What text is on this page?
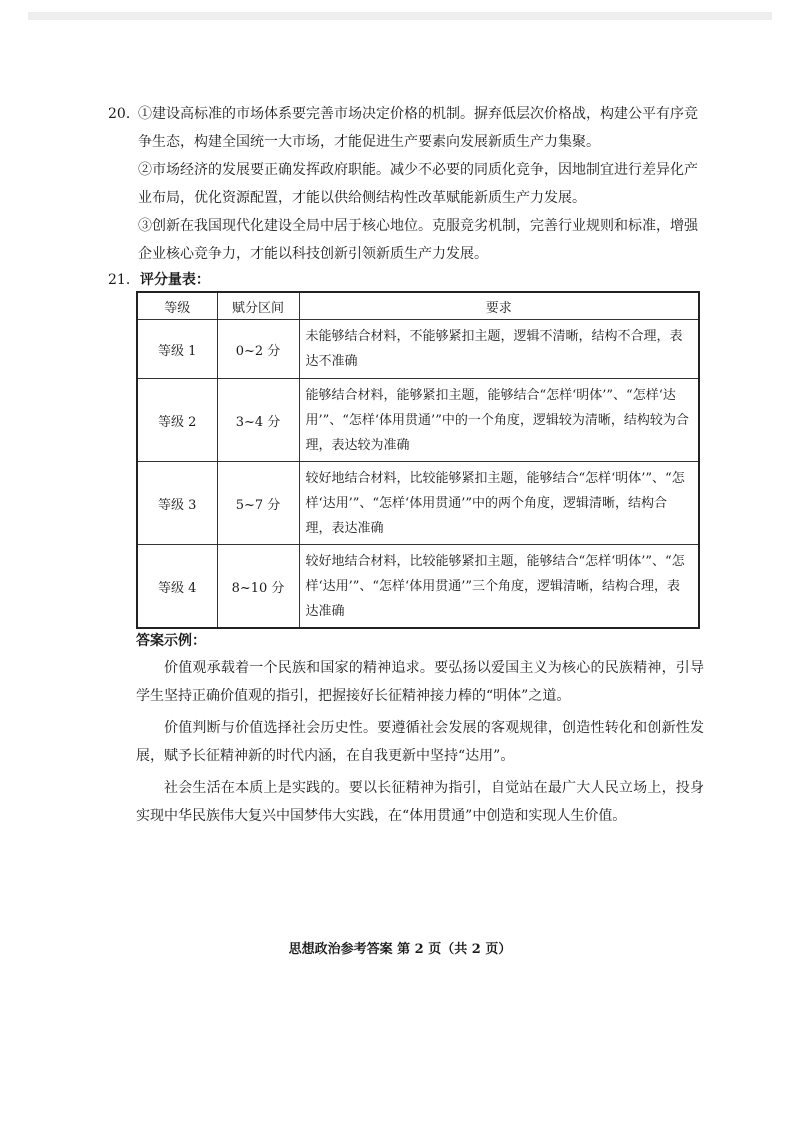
20．

①建设高标准的市场体系要完善市场决定价格的机制。摒弃低层次价格战，构建公平有序竞争生态，构建全国统一大市场，才能促进生产要素向发展新质生产力集聚。

②市场经济的发展要正确发挥政府职能。减少不必要的同质化竞争，因地制宜进行差异化产业布局，优化资源配置，才能以供给侧结构性改革赋能新质生产力发展。

③创新在我国现代化建设全局中居于核心地位。克服竞劣机制，完善行业规则和标准，增强企业核心竞争力，才能以科技创新引领新质生产力发展。

21．评分量表：
等级	赋分区间	要求
等级 1	0~2 分	未能够结合材料，不能够紧扣主题，逻辑不清晰，结构不合理，表达不准确
等级 2	3~4 分	能够结合材料，能够紧扣主题，能够结合“怎样‘明体’”、“怎样‘达用’”、“怎样‘体用贯通’”中的一个角度，逻辑较为清晰，结构较为合理，表达较为准确
等级 3	5~7 分	较好地结合材料，比较能够紧扣主题，能够结合“怎样‘明体’”、“怎样‘达用’”、“怎样‘体用贯通’”中的两个角度，逻辑清晰，结构合理，表达准确
等级 4	8~10 分	较好地结合材料，比较能够紧扣主题，能够结合“怎样‘明体’”、“怎样‘达用’”、“怎样‘体用贯通’”三个角度，逻辑清晰，结构合理，表达准确
答案示例：

价值观承载着一个民族和国家的精神追求。要弘扬以爱国主义为核心的民族精神，引导学生坚持正确价值观的指引，把握接好长征精神接力棒的“明体”之道。

价值判断与价值选择社会历史性。要遵循社会发展的客观规律，创造性转化和创新性发展，赋予长征精神新的时代内涵，在自我更新中坚持“达用”。

社会生活在本质上是实践的。要以长征精神为指引，自觉站在最广大人民立场上，投身实现中华民族伟大复兴中国梦伟大实践，在“体用贯通”中创造和实现人生价值。

思想政治参考答案 第 2 页（共 2 页）
